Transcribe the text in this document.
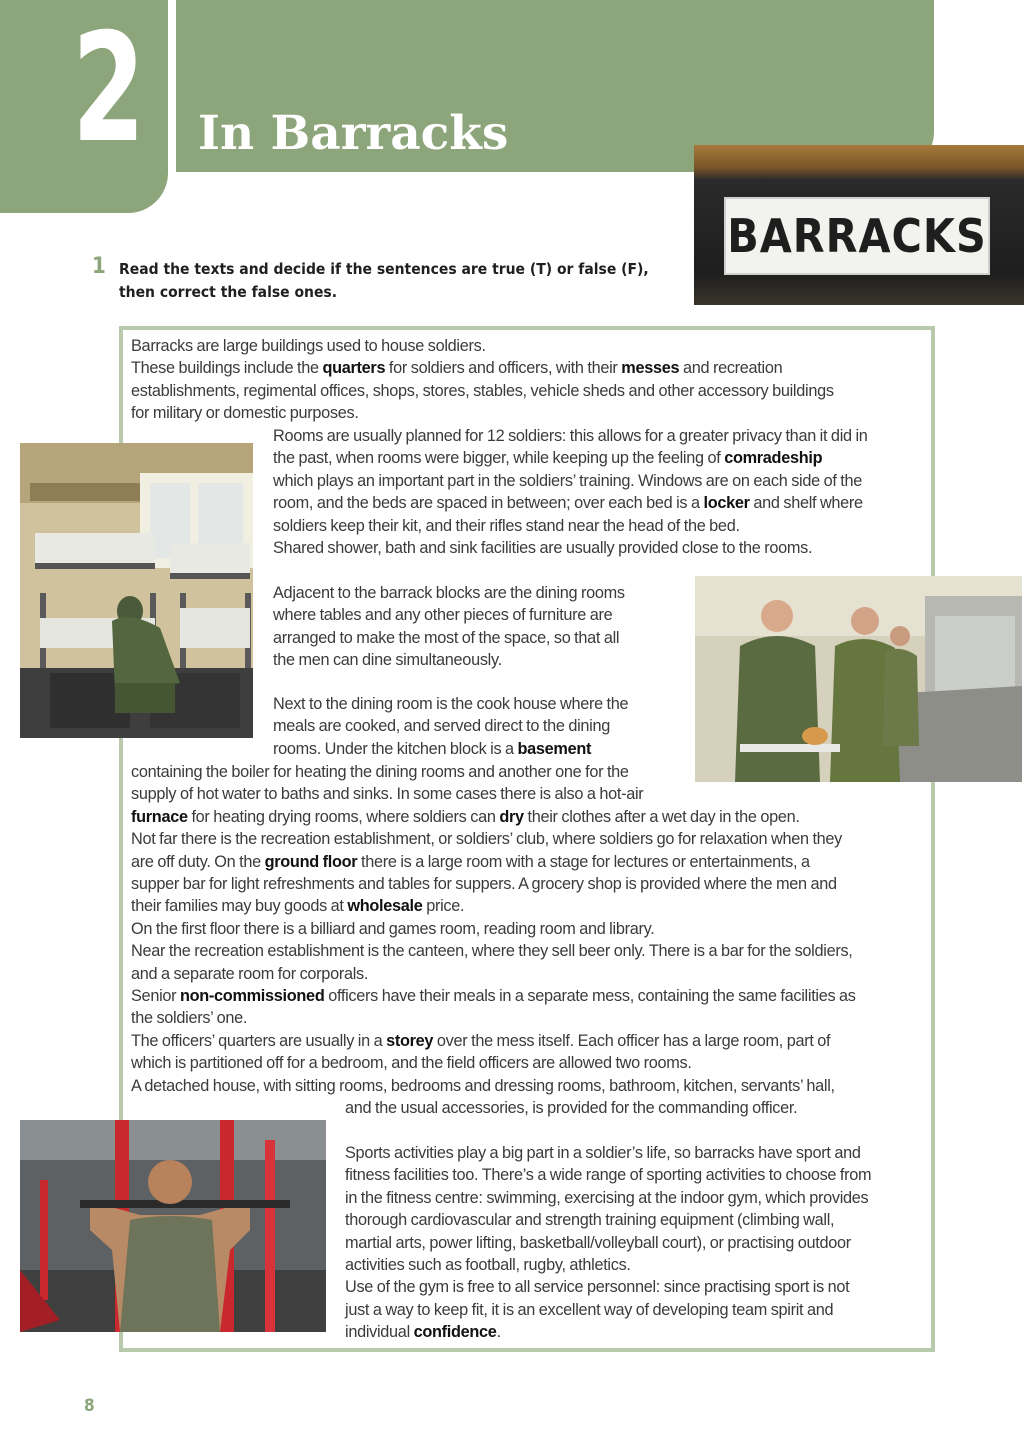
2 In Barracks
BARRACKS
1 Read the texts and decide if the sentences are true (T) or false (F),
then correct the false ones.

Barracks are large buildings used to house soldiers.
These buildings include the quarters for soldiers and officers, with their messes and recreation
establishments, regimental offices, shops, stores, stables, vehicle sheds and other accessory buildings
for military or domestic purposes.

Rooms are usually planned for 12 soldiers: this allows for a greater privacy than it did in
the past, when rooms were bigger, while keeping up the feeling of comradeship
which plays an important part in the soldiers’ training. Windows are on each side of the
room, and the beds are spaced in between; over each bed is a locker and shelf where
soldiers keep their kit, and their rifles stand near the head of the bed.
Shared shower, bath and sink facilities are usually provided close to the rooms.

Adjacent to the barrack blocks are the dining rooms
where tables and any other pieces of furniture are
arranged to make the most of the space, so that all
the men can dine simultaneously.

Next to the dining room is the cook house where the
meals are cooked, and served direct to the dining
rooms. Under the kitchen block is a basement

containing the boiler for heating the dining rooms and another one for the
supply of hot water to baths and sinks. In some cases there is also a hot-air
furnace for heating drying rooms, where soldiers can dry their clothes after a wet day in the open.
Not far there is the recreation establishment, or soldiers’ club, where soldiers go for relaxation when they
are off duty. On the ground floor there is a large room with a stage for lectures or entertainments, a
supper bar for light refreshments and tables for suppers. A grocery shop is provided where the men and
their families may buy goods at wholesale price.
On the first floor there is a billiard and games room, reading room and library.
Near the recreation establishment is the canteen, where they sell beer only. There is a bar for the soldiers,
and a separate room for corporals.
Senior non-commissioned officers have their meals in a separate mess, containing the same facilities as
the soldiers’ one.
The officers’ quarters are usually in a storey over the mess itself. Each officer has a large room, part of
which is partitioned off for a bedroom, and the field officers are allowed two rooms.
A detached house, with sitting rooms, bedrooms and dressing rooms, bathroom, kitchen, servants’ hall,

and the usual accessories, is provided for the commanding officer.

Sports activities play a big part in a soldier’s life, so barracks have sport and
fitness facilities too. There’s a wide range of sporting activities to choose from
in the fitness centre: swimming, exercising at the indoor gym, which provides
thorough cardiovascular and strength training equipment (climbing wall,
martial arts, power lifting, basketball/volleyball court), or practising outdoor
activities such as football, rugby, athletics.
Use of the gym is free to all service personnel: since practising sport is not
just a way to keep fit, it is an excellent way of developing team spirit and
individual confidence.

8
